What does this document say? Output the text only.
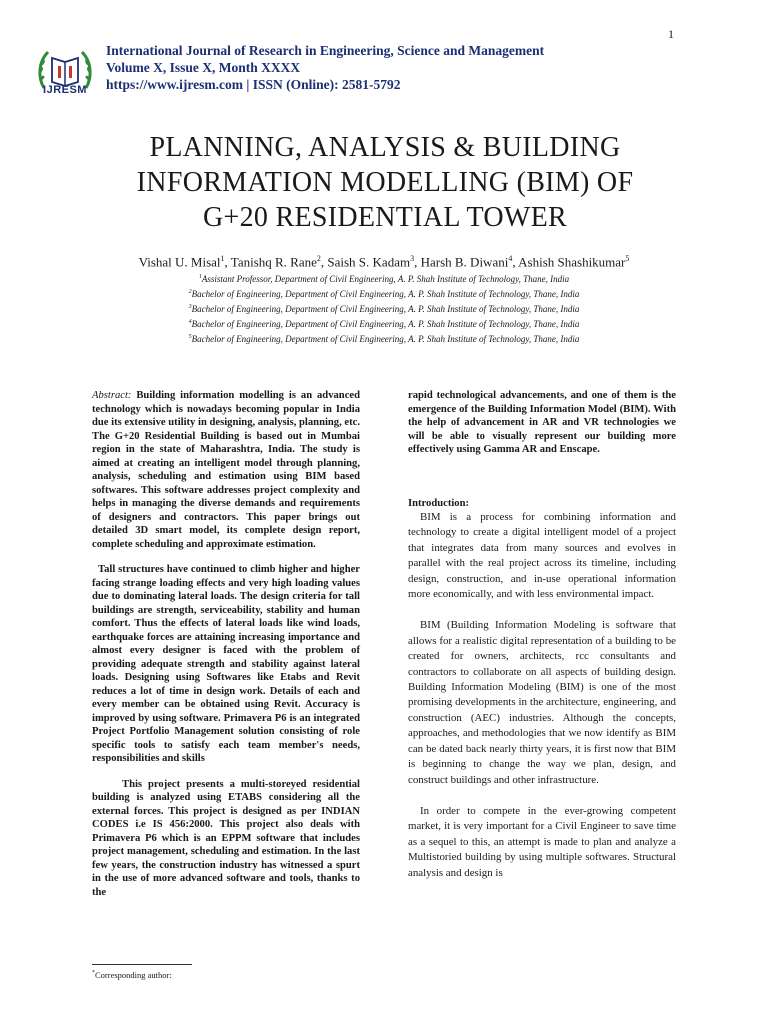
1
IJRESM
International Journal of Research in Engineering, Science and Management
Volume X, Issue X, Month XXXX
https://www.ijresm.com | ISSN (Online): 2581-5792
PLANNING, ANALYSIS & BUILDING
INFORMATION MODELLING (BIM) OF
G+20 RESIDENTIAL TOWER
Vishal U. Misal$^1$, Tanishq R. Rane$^2$, Saish S. Kadam$^3$, Harsh B. Diwani$^4$, Ashish Shashikumar$^5$
$^1$Assistant Professor, Department of Civil Engineering, A. P. Shah Institute of Technology, Thane, India
$^2$Bachelor of Engineering, Department of Civil Engineering, A. P. Shah Institute of Technology, Thane, India
$^3$Bachelor of Engineering, Department of Civil Engineering, A. P. Shah Institute of Technology, Thane, India
$^4$Bachelor of Engineering, Department of Civil Engineering, A. P. Shah Institute of Technology, Thane, India
$^5$Bachelor of Engineering, Department of Civil Engineering, A. P. Shah Institute of Technology, Thane, India

Abstract: Building information modelling is an advanced technology which is nowadays becoming popular in India due its extensive utility in designing, analysis, planning, etc. The G+20 Residential Building is based out in Mumbai region in the state of Maharashtra, India. The study is aimed at creating an intelligent model through planning, analysis, scheduling and estimation using BIM based softwares. This software addresses project complexity and helps in managing the diverse demands and requirements of designers and contractors. This paper brings out detailed 3D smart model, its complete design report, complete scheduling and approximate estimation.

Tall structures have continued to climb higher and higher facing strange loading effects and very high loading values due to dominating lateral loads. The design criteria for tall buildings are strength, serviceability, stability and human comfort. Thus the effects of lateral loads like wind loads, earthquake forces are attaining increasing importance and almost every designer is faced with the problem of providing adequate strength and stability against lateral loads. Designing using Softwares like Etabs and Revit reduces a lot of time in design work. Details of each and every member can be obtained using Revit. Accuracy is improved by using software. Primavera P6 is an integrated Project Portfolio Management solution consisting of role specific tools to satisfy each team member's needs, responsibilities and skills

This project presents a multi-storeyed residential building is analyzed using ETABS considering all the external forces. This project is designed as per INDIAN CODES i.e IS 456:2000. This project also deals with Primavera P6 which is an EPPM software that includes project management, scheduling and estimation. In the last few years, the construction industry has witnessed a spurt in the use of more advanced software and tools, thanks to the

rapid technological advancements, and one of them is the emergence of the Building Information Model (BIM). With the help of advancement in AR and VR technologies we will be able to visually represent our building more effectively using Gamma AR and Enscape.

Introduction:

BIM is a process for combining information and technology to create a digital intelligent model of a project that integrates data from many sources and evolves in parallel with the real project across its timeline, including design, construction, and in-use operational information more economically, and with less environmental impact.

BIM (Building Information Modeling is software that allows for a realistic digital representation of a building to be created for owners, architects, rcc consultants and contractors to collaborate on all aspects of building design. Building Information Modeling (BIM) is one of the most promising developments in the architecture, engineering, and construction (AEC) industries. Although the concepts, approaches, and methodologies that we now identify as BIM can be dated back nearly thirty years, it is first now that BIM is beginning to change the way we plan, design, and construct buildings and other infrastructure.

In order to compete in the ever-growing competent market, it is very important for a Civil Engineer to save time as a sequel to this, an attempt is made to plan and analyze a Multistoried building by using multiple softwares. Structural analysis and design is

*Corresponding author:
